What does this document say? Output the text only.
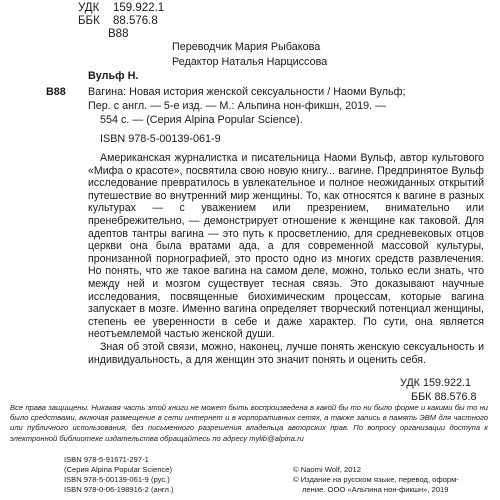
УДК 159.922.1
ББК 88.576.8
В88
Переводчик Мария Рыбакова
Редактор Наталья Нарциссова
Вульф Н.
В88 Вагина: Новая история женской сексуальности / Наоми Вульф;
Пер. с англ. — 5-е изд. — М.: Альпина нон-фикшн, 2019. —
554 с. — (Серия Alpina Popular Science).
ISBN 978-5-00139-061-9

Американская журналистка и писательница Наоми Вульф, автор культового «Мифа о красоте», посвятила свою новую книгу... вагине. Предпринятое Вульф исследование превратилось в увлекательное и полное неожиданных открытий путешествие во внутренний мир женщины. То, как относятся к вагине в разных культурах — с уважением или презрением, внимательно или пренебрежительно, — демонстрирует отношение к женщине как таковой. Для адептов тантры вагина — это путь к просветлению, для средневековых отцов церкви она была вратами ада, а для современной массовой культуры, пронизанной порнографией, это просто одно из многих средств развлечения. Но понять, что же такое вагина на самом деле, можно, только если знать, что между ней и мозгом существует тесная связь. Это доказывают научные исследования, посвященные биохимическим процессам, которые вагина запускает в мозге. Именно вагина определяет творческий потенциал женщины, степень ее уверенности в себе и даже характер. По сути, она является неотъемлемой частью женской души.

Зная об этой связи, можно, наконец, лучше понять женскую сексуальность и индивидуальность, а для женщин это значит понять и оценить себя.

УДК 159.922.1
ББК 88.576.8
Все права защищены. Никакая часть этой книги не может быть воспроизведена в какой бы то ни было форме и какими бы то ни было средствами, включая размещение в сети интернет и в корпоративных сетях, а также запись в память ЭВМ для частного или публичного использования, без письменного разрешения владельца авторских прав. По вопросу организации доступа к электронной библиотеке издательства обращайтесь по адресу mylib@alpina.ru
ISBN 978-5-91671-297-1
(Серия Alpina Popular Science)
ISBN 978-5-00139-061-9 (рус.)
ISBN 978-0-06-198916-2 (англ.)
© Naomi Wolf, 2012
© Издание на русском языке, перевод, оформ-
ление. ООО «Альпина нон-фикшн», 2019
